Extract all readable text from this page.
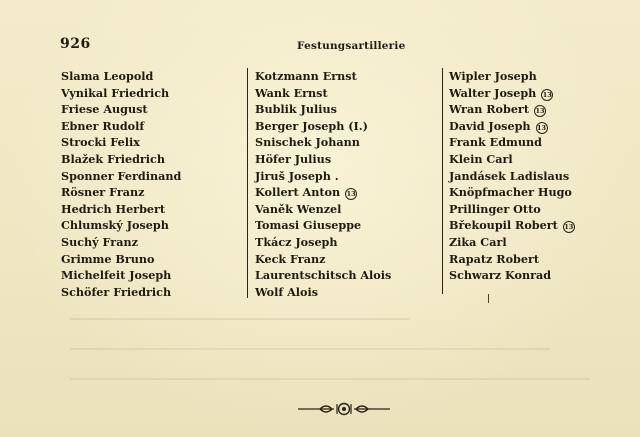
926	Festungsartillerie
Slama Leopold
Vynikal Friedrich
Friese August
Ebner Rudolf
Strocki Felix
Blažek Friedrich
Sponner Ferdinand
Rösner Franz
Hedrich Herbert
Chlumský Joseph
Suchý Franz
Grimme Bruno
Michelfeit Joseph
Schöfer Friedrich
Kotzmann Ernst
Wank Ernst
Bublik Julius
Berger Joseph (I.)
Snischek Johann
Höfer Julius
Jiruš Joseph .
Kollert Anton 13
Vaněk Wenzel
Tomasi Giuseppe
Tkácz Joseph
Keck Franz
Laurentschitsch Alois
Wolf Alois
Wipler Joseph
Walter Joseph 13
Wran Robert 13
David Joseph 13
Frank Edmund
Klein Carl
Jandásek Ladislaus
Knöpfmacher Hugo
Prillinger Otto
Břekoupil Robert 13
Zika Carl
Rapatz Robert
Schwarz Konrad
